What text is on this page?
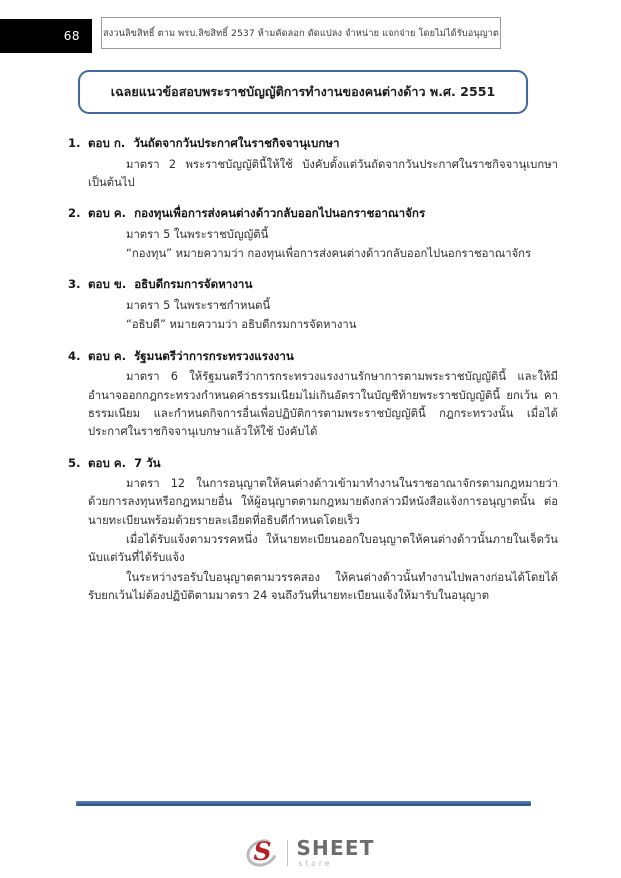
68	สงวนลิขสิทธิ์ ตาม พรบ.ลิขสิทธิ์ 2537 ห้ามคัดลอก ดัดแปลง จำหน่าย แจกจ่าย โดยไม่ได้รับอนุญาต
เฉลยแนวข้อสอบพระราชบัญญัติการทำงานของคนต่างด้าว พ.ศ. 2551
1. ตอบ ก. วันถัดจากวันประกาศในราชกิจจานุเบกษา

มาตรา 2 พระราชบัญญัตินี้ให้ใช้ บังคับตั้งแต่วันถัดจากวันประกาศในราชกิจจานุเบกษาเป็นต้นไป

2. ตอบ ค. กองทุนเพื่อการส่งคนต่างด้าวกลับออกไปนอกราชอาณาจักร

มาตรา 5 ในพระราชบัญญัตินี้

“กองทุน” หมายความว่า กองทุนเพื่อการส่งคนต่างด้าวกลับออกไปนอกราชอาณาจักร

3. ตอบ ข. อธิบดีกรมการจัดหางาน

มาตรา 5 ในพระราชกำหนดนี้

“อธิบดี” หมายความว่า อธิบดีกรมการจัดหางาน

4. ตอบ ค. รัฐมนตรีว่าการกระทรวงแรงงาน

มาตรา 6 ให้รัฐมนตรีว่าการกระทรวงแรงงานรักษาการตามพระราชบัญญัตินี้ และให้มีอำนาจออกกฎกระทรวงกำหนดค่าธรรมเนียมไม่เกินอัตราในบัญชีท้ายพระราชบัญญัตินี้ ยกเว้น คาธรรมเนียม และกำหนดกิจการอื่นเพื่อปฏิบัติการตามพระราชบัญญัตินี้ กฎกระทรวงนั้น เมื่อได้ประกาศในราชกิจจานุเบกษาแล้วให้ใช้ บังคับได้

5. ตอบ ค. 7 วัน

มาตรา 12 ในการอนุญาตให้คนต่างด้าวเข้ามาทำงานในราชอาณาจักรตามกฎหมายว่าด้วยการลงทุนหรือกฎหมายอื่น ให้ผู้อนุญาตตามกฎหมายดังกล่าวมีหนังสือแจ้งการอนุญาตนั้น ต่อนายทะเบียนพร้อมด้วยรายละเอียดที่อธิบดีกำหนดโดยเร็ว

เมื่อได้รับแจ้งตามวรรคหนึ่ง ให้นายทะเบียนออกใบอนุญาตให้คนต่างด้าวนั้นภายในเจ็ดวันนับแต่วันที่ได้รับแจ้ง

ในระหว่างรอรับใบอนุญาตตามวรรคสอง ให้คนต่างด้าวนั้นทำงานไปพลางก่อนได้โดยได้รับยกเว้นไม่ต้องปฏิบัติตามมาตรา 24 จนถึงวันที่นายทะเบียนแจ้งให้มารับในอนุญาต

S SHEET
store
